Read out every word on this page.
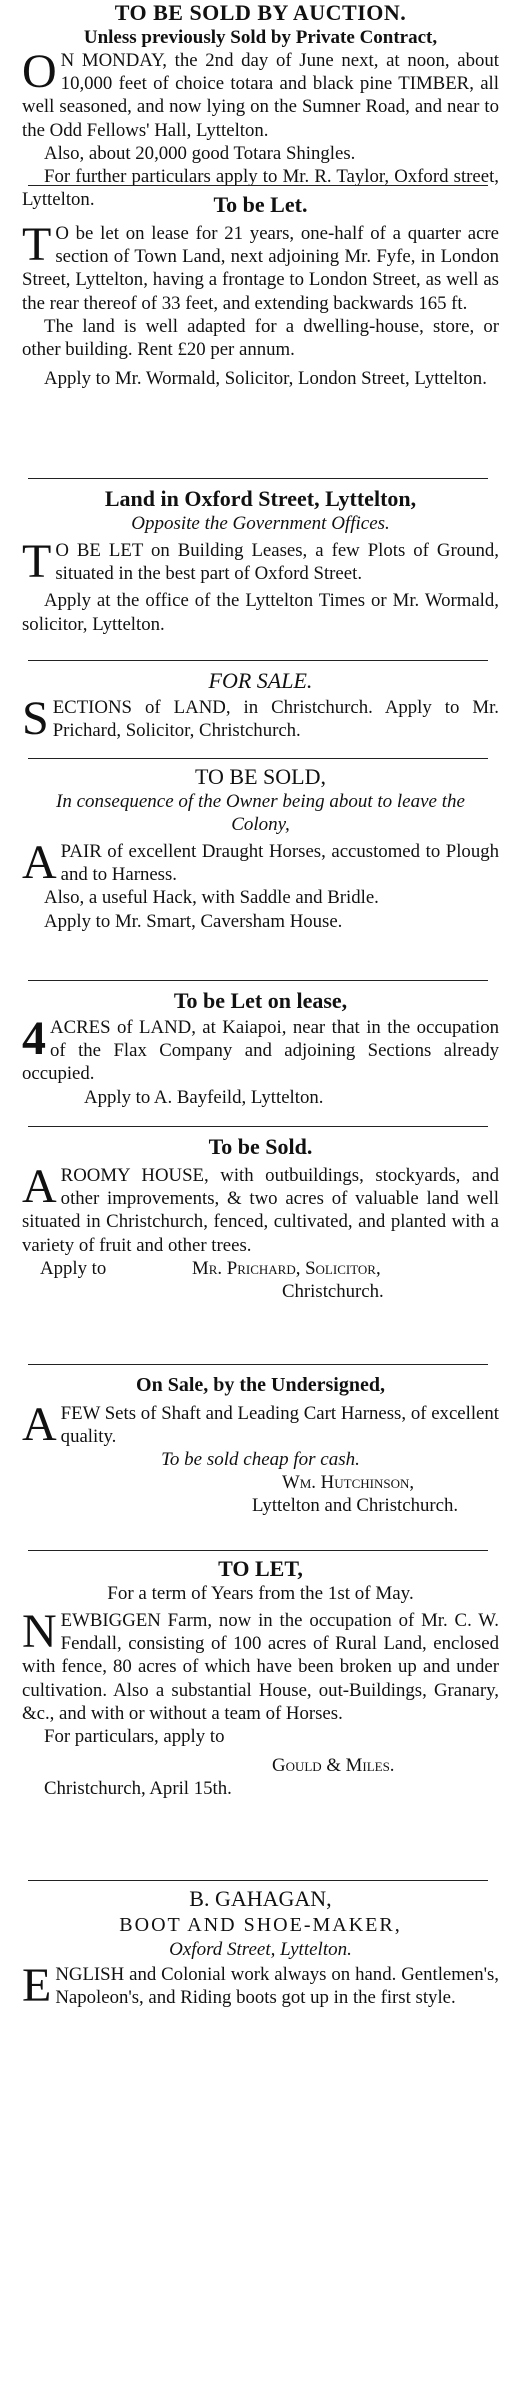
TO BE SOLD BY AUCTION.
Unless previously Sold by Private Contract,

O N MONDAY, the 2nd day of June next, at noon, about 10,000 feet of choice totara and black pine TIMBER, all well seasoned, and now lying on the Sumner Road, and near to the Odd Fellows' Hall, Lyttelton.

Also, about 20,000 good Totara Shingles.

For further particulars apply to Mr. R. Taylor, Oxford street, Lyttelton.	To be Let.

T O be let on lease for 21 years, one-half of a quarter acre section of Town Land, next adjoining Mr. Fyfe, in London Street, Lyttelton, having a frontage to London Street, as well as the rear thereof of 33 feet, and extending backwards 165 ft.

The land is well adapted for a dwelling-house, store, or other building. Rent £20 per annum.

Apply to Mr. Wormald, Solicitor, London Street, Lyttelton.

Land in Oxford Street, Lyttelton,
Opposite the Government Offices.

T O BE LET on Building Leases, a few Plots of Ground, situated in the best part of Oxford Street.

Apply at the office of the Lyttelton Times or Mr. Wormald, solicitor, Lyttelton.

FOR SALE.

SECTIONS of LAND, in Christchurch. Apply to Mr. Prichard, Solicitor, Christchurch.

TO BE SOLD,
In consequence of the Owner being about to leave the Colony,

APAIR of excellent Draught Horses, accustomed to Plough and to Harness.

Also, a useful Hack, with Saddle and Bridle.

Apply to Mr. Smart, Caversham House.

To be Let on lease,

4 ACRES of LAND, at Kaiapoi, near that in the occupation of the Flax Company and adjoining Sections already occupied.

Apply to A. Bayfeild, Lyttelton.

To be Sold.

AROOMY HOUSE, with outbuildings, stockyards, and other improvements, & two acres of valuable land well situated in Christchurch, fenced, cultivated, and planted with a variety of fruit and other trees.

Apply to	Mr. Prichard, Solicitor,
Christchurch.
On Sale, by the Undersigned,

AFEW Sets of Shaft and Leading Cart Harness, of excellent quality.

To be sold cheap for cash.
Wm. Hutchinson,
Lyttelton and Christchurch.
TO LET,
For a term of Years from the 1st of May.

NEWBIGGEN Farm, now in the occupation of Mr. C. W. Fendall, consisting of 100 acres of Rural Land, enclosed with fence, 80 acres of which have been broken up and under cultivation. Also a substantial House, out-Buildings, Granary, &c., and with or without a team of Horses.

For particulars, apply to

Gould & Miles.

Christchurch, April 15th.

B. GAHAGAN,
BOOT AND SHOE-MAKER,
Oxford Street, Lyttelton.

ENGLISH and Colonial work always on hand. Gentlemen's, Napoleon's, and Riding boots got up in the first style.
